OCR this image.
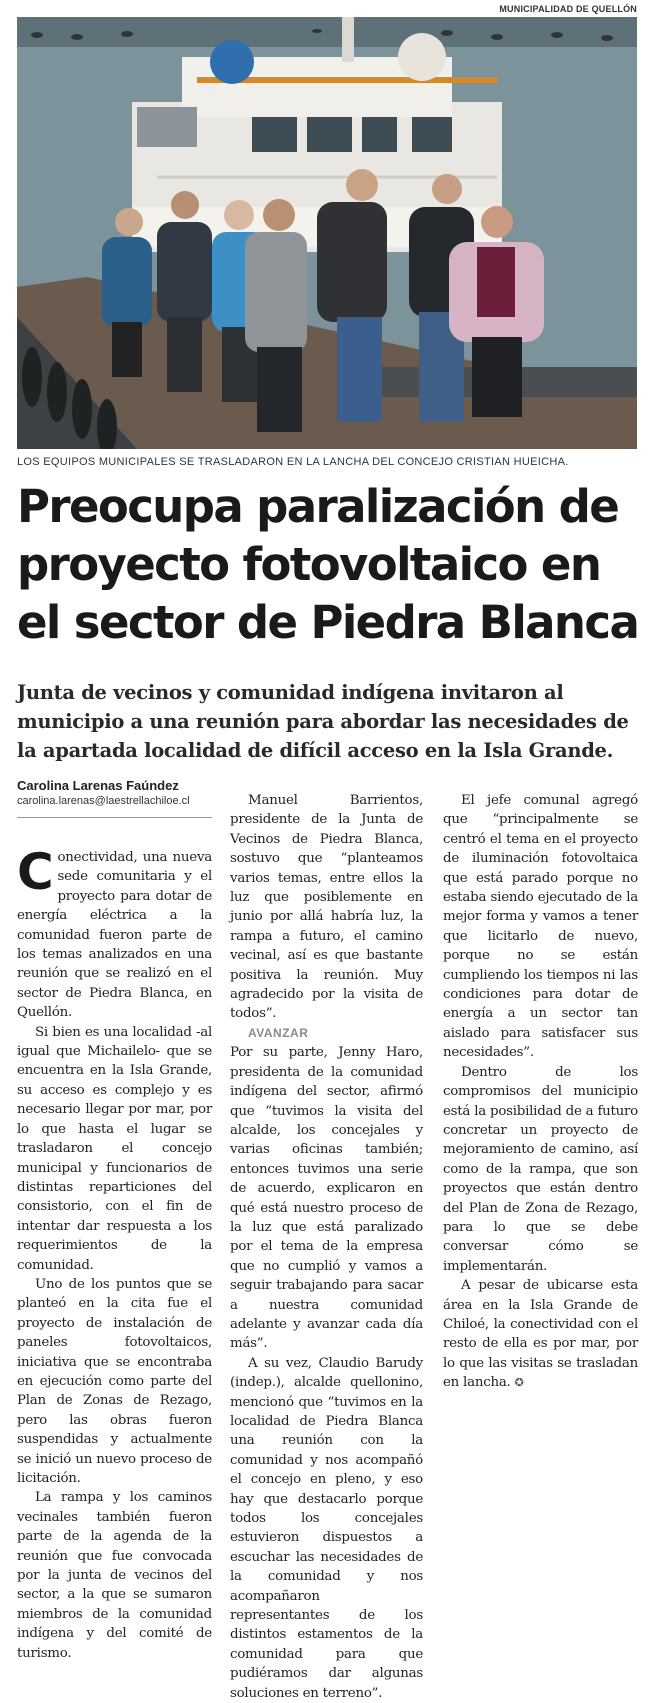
MUNICIPALIDAD DE QUELLÓN
LOS EQUIPOS MUNICIPALES SE TRASLADARON EN LA LANCHA DEL CONCEJO CRISTIAN HUEICHA.
Preocupa paralización de proyecto fotovoltaico en el sector de Piedra Blanca

Junta de vecinos y comunidad indígena invitaron al municipio a una reunión para abordar las necesidades de la apartada localidad de difícil acceso en la Isla Grande.

Carolina Larenas Faúndez
carolina.larenas@laestrellachiloe.cl

Conectividad, una nueva sede comunitaria y el proyecto para dotar de energía eléctrica a la comunidad fueron parte de los temas analizados en una reunión que se realizó en el sector de Piedra Blanca, en Quellón.

Si bien es una localidad -al igual que Michailelo- que se encuentra en la Isla Grande, su acceso es complejo y es necesario llegar por mar, por lo que hasta el lugar se trasladaron el concejo municipal y funcionarios de distintas reparticiones del consistorio, con el fin de intentar dar respuesta a los requerimientos de la comunidad.

Uno de los puntos que se planteó en la cita fue el proyecto de instalación de paneles fotovoltaicos, iniciativa que se encontraba en ejecución como parte del Plan de Zonas de Rezago, pero las obras fueron suspendidas y actualmente se inició un nuevo proceso de licitación.

La rampa y los caminos vecinales también fueron parte de la agenda de la reunión que fue convocada por la junta de vecinos del sector, a la que se sumaron miembros de la comunidad indígena y del comité de turismo.

Manuel Barrientos, presidente de la Junta de Vecinos de Piedra Blanca, sostuvo que “planteamos varios temas, entre ellos la luz que posiblemente en junio por allá habría luz, la rampa a futuro, el camino vecinal, así es que bastante positiva la reunión. Muy agradecido por la visita de todos”.

AVANZAR

Por su parte, Jenny Haro, presidenta de la comunidad indígena del sector, afirmó que “tuvimos la visita del alcalde, los concejales y varias oficinas también; entonces tuvimos una serie de acuerdo, explicaron en qué está nuestro proceso de la luz que está paralizado por el tema de la empresa que no cumplió y vamos a seguir trabajando para sacar a nuestra comunidad adelante y avanzar cada día más”.

A su vez, Claudio Barudy (indep.), alcalde quellonino, mencionó que “tuvimos en la localidad de Piedra Blanca una reunión con la comunidad y nos acompañó el concejo en pleno, y eso hay que destacarlo porque todos los concejales estuvieron dispuestos a escuchar las necesidades de la comunidad y nos acompañaron representantes de los distintos estamentos de la comunidad para que pudiéramos dar algunas soluciones en terreno”.

El jefe comunal agregó que “principalmente se centró el tema en el proyecto de iluminación fotovoltaica que está parado porque no estaba siendo ejecutado de la mejor forma y vamos a tener que licitarlo de nuevo, porque no se están cumpliendo los tiempos ni las condiciones para dotar de energía a un sector tan aislado para satisfacer sus necesidades”.

Dentro de los compromisos del municipio está la posibilidad de a futuro concretar un proyecto de mejoramiento de camino, así como de la rampa, que son proyectos que están dentro del Plan de Zona de Rezago, para lo que se debe conversar cómo se implementarán.

A pesar de ubicarse esta área en la Isla Grande de Chiloé, la conectividad con el resto de ella es por mar, por lo que las visitas se trasladan en lancha. ✪
